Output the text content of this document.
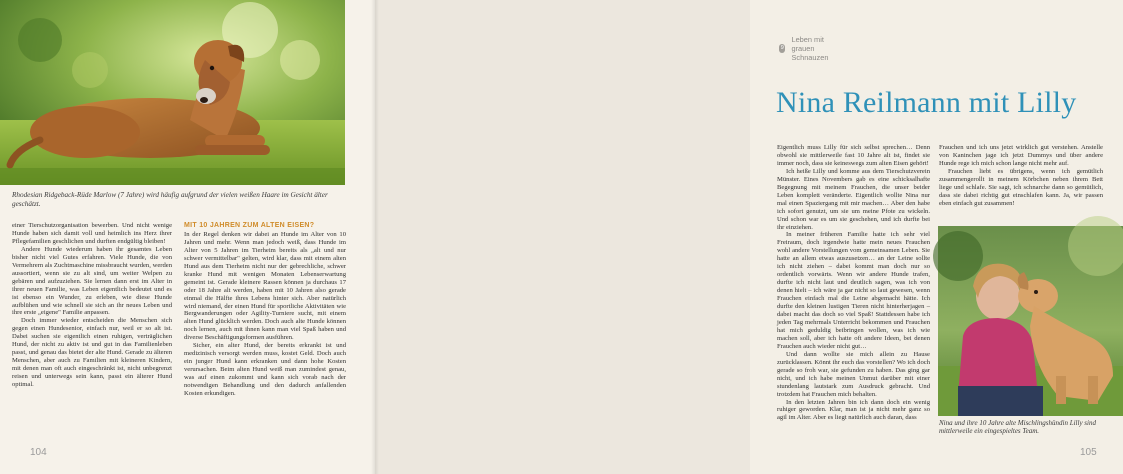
Rhodesian Ridgeback-Rüde Marlow (7 Jahre) wird häufig aufgrund der vielen weißen Haare im Gesicht älter geschätzt.

einer Tierschutzorganisation bewerben. Und nicht wenige Hunde haben sich damit voll und heimlich ins Herz ihrer Pflegefamilien geschlichen und durften endgültig bleiben!

Andere Hunde wiederum haben ihr gesamtes Leben bisher nicht viel Gutes erfahren. Viele Hunde, die von Vermehrern als Zuchtmaschine missbraucht wurden, werden aussortiert, wenn sie zu alt sind, um weiter Welpen zu gebären und aufzuziehen. Sie lernen dann erst im Alter in ihrer neuen Familie, was Leben eigentlich bedeutet und es ist ebenso ein Wunder, zu erleben, wie diese Hunde aufblühen und wie schnell sie sich an ihr neues Leben und ihre erste „eigene" Familie anpassen.

Doch immer wieder entscheiden die Menschen sich gegen einen Hundesenior, einfach nur, weil er so alt ist. Dabei suchen sie eigentlich einen ruhigen, verträglichen Hund, der nicht zu aktiv ist und gut in das Familienleben passt, und genau das bietet der alte Hund. Gerade zu älteren Menschen, aber auch zu Familien mit kleineren Kindern, mit denen man oft auch eingeschränkt ist, nicht unbegrenzt reisen und unterwegs sein kann, passt ein älterer Hund optimal.

MIT 10 JAHREN ZUM ALTEN EISEN?

In der Regel denken wir dabei an Hunde im Alter von 10 Jahren und mehr. Wenn man jedoch weiß, dass Hunde im Alter von 5 Jahren im Tierheim bereits als „alt und nur schwer vermittelbar" gelten, wird klar, dass mit einem alten Hund aus dem Tierheim nicht nur der gebrechliche, schwer kranke Hund mit wenigen Monaten Lebenserwartung gemeint ist. Gerade kleinere Rassen können ja durchaus 17 oder 18 Jahre alt werden, haben mit 10 Jahren also gerade einmal die Hälfte ihres Lebens hinter sich. Aber natürlich wird niemand, der einen Hund für sportliche Aktivitäten wie Bergwanderungen oder Agility-Turniere sucht, mit einem alten Hund glücklich werden. Doch auch alte Hunde können noch lernen, auch mit ihnen kann man viel Spaß haben und diverse Beschäftigungsformen ausführen.

Sicher, ein alter Hund, der bereits erkrankt ist und medizinisch versorgt werden muss, kostet Geld. Doch auch ein junger Hund kann erkranken und dann hohe Kosten verursachen. Beim alten Hund weiß man zumindest genau, was auf einen zukommt und kann sich vorab nach der notwendigen Behandlung und den dadurch anfallenden Kosten erkundigen.

104
9
Leben mit grauen Schnauzen
Nina Reilmann mit Lilly

Eigentlich muss Lilly für sich selbst sprechen… Denn obwohl sie mittlerweile fast 10 Jahre alt ist, findet sie immer noch, dass sie keineswegs zum alten Eisen gehört!

Ich heiße Lilly und komme aus dem Tierschutzverein Münster. Eines Novembers gab es eine schicksalhafte Begegnung mit meinem Frauchen, die unser beider Leben komplett veränderte. Eigentlich wollte Nina nur mal einen Spaziergang mit mir machen… Aber den habe ich sofort genutzt, um sie um meine Pfote zu wickeln. Und schon war es um sie geschehen, und ich durfte bei ihr einziehen.

In meiner früheren Familie hatte ich sehr viel Freiraum, doch irgendwie hatte mein neues Frauchen wohl andere Vorstellungen vom gemeinsamen Leben. Sie hatte an allem etwas auszusetzen… an der Leine sollte ich nicht ziehen – dabei kommt man doch nur so ordentlich vorwärts. Wenn wir andere Hunde trafen, durfte ich nicht laut und deutlich sagen, was ich von denen hielt – ich wäre ja gar nicht so laut gewesen, wenn Frauchen einfach mal die Leine abgemacht hätte. Ich durfte den kleinen lustigen Tieren nicht hinterherjagen – dabei macht das doch so viel Spaß! Stattdessen habe ich jeden Tag mehrmals Unterricht bekommen und Frauchen hat mich geduldig beibringen wollen, was ich wie machen soll, aber ich hatte oft andere Ideen, bei denen Frauchen auch wieder nicht gut…

Und dann wollte sie mich allein zu Hause zurücklassen. Könnt ihr euch das vorstellen? Wo ich doch gerade so froh war, sie gefunden zu haben. Das ging gar nicht, und ich habe meinen Unmut darüber mit einer stundenlang lautstark zum Ausdruck gebracht. Und trotzdem hat Frauchen mich behalten.

In den letzten Jahren bin ich dann doch ein wenig ruhiger geworden. Klar, man ist ja nicht mehr ganz so agil im Alter. Aber es liegt natürlich auch daran, dass

Frauchen und ich uns jetzt wirklich gut verstehen. Anstelle von Kaninchen jage ich jetzt Dummys und über andere Hunde rege ich mich schon lange nicht mehr auf.

Frauchen liebt es übrigens, wenn ich gemütlich zusammengerollt in meinem Körbchen neben ihrem Bett liege und schlafe. Sie sagt, ich schnarche dann so gemütlich, dass sie dabei richtig gut einschlafen kann. Ja, wir passen eben einfach gut zusammen!

Nina und ihre 10 Jahre alte Mischlingshündin Lilly sind mittlerweile ein eingespieltes Team.
105
